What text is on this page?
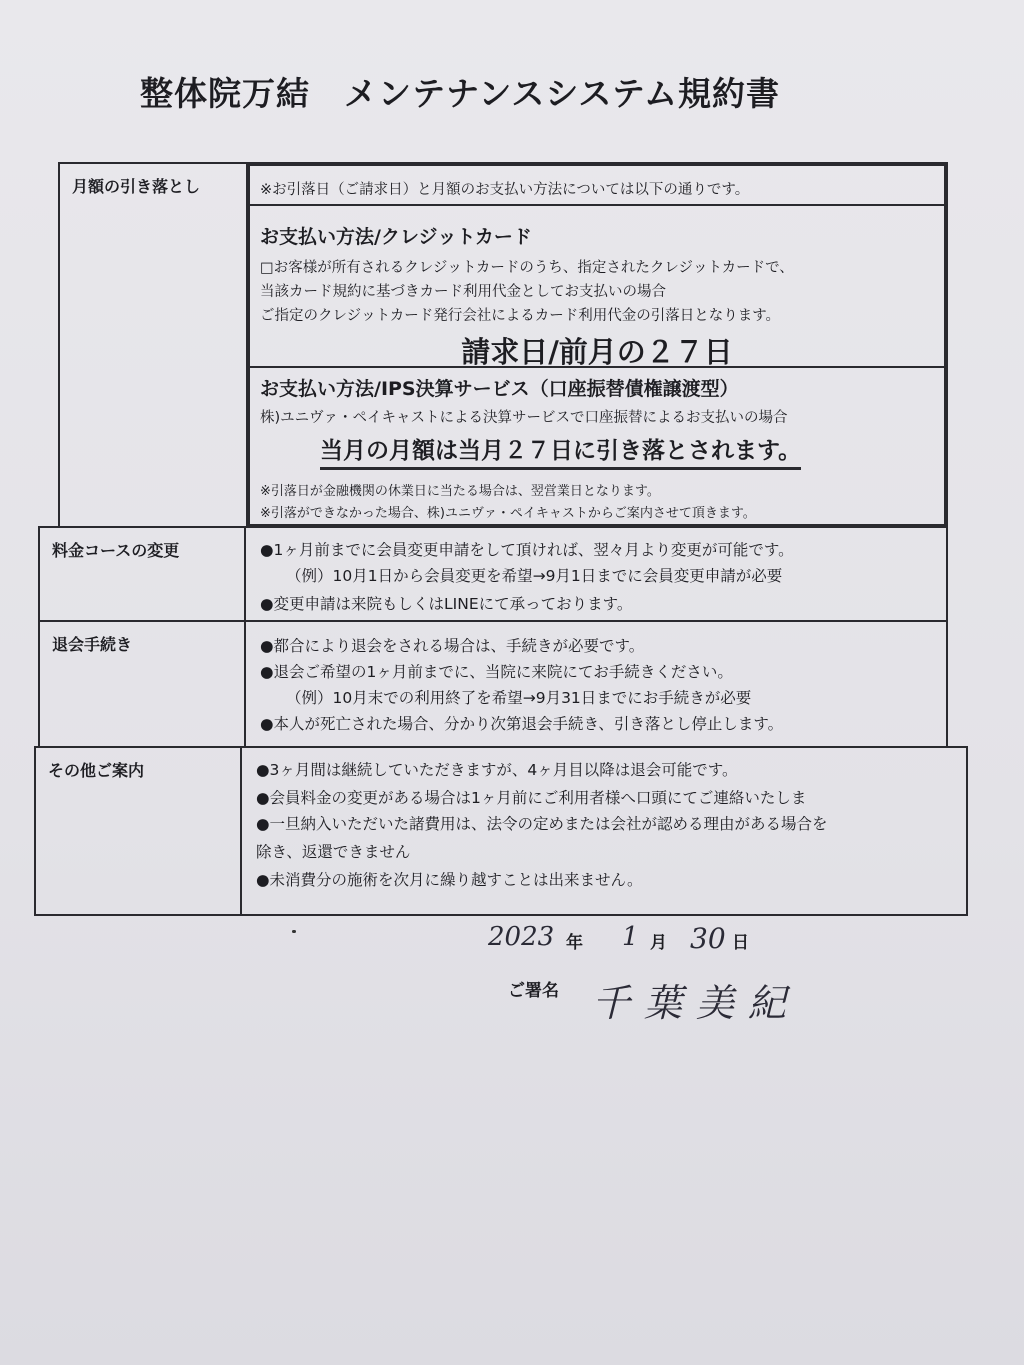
整体院万結 メンテナンスシステム規約書
月額の引き落とし	※お引落日（ご請求日）と月額のお支払い方法については以下の通りです。
お支払い方法/クレジットカード
□お客様が所有されるクレジットカードのうち、指定されたクレジットカードで、
当該カード規約に基づきカード利用代金としてお支払いの場合
ご指定のクレジットカード発行会社によるカード利用代金の引落日となります。
請求日/前月の２７日
お支払い方法/IPS決算サービス（口座振替債権譲渡型）
株)ユニヴァ・ペイキャストによる決算サービスで口座振替によるお支払いの場合
当月の月額は当月２７日に引き落とされます。
※引落日が金融機関の休業日に当たる場合は、翌営業日となります。
※引落ができなかった場合、株)ユニヴァ・ペイキャストからご案内させて頂きます。
料金コースの変更	●1ヶ月前までに会員変更申請をして頂ければ、翌々月より変更が可能です。
（例）10月1日から会員変更を希望→9月1日までに会員変更申請が必要
●変更申請は来院もしくはLINEにて承っております。
退会手続き	●都合により退会をされる場合は、手続きが必要です。
●退会ご希望の1ヶ月前までに、当院に来院にてお手続きください。
（例）10月末での利用終了を希望→9月31日までにお手続きが必要
●本人が死亡された場合、分かり次第退会手続き、引き落とし停止します。
その他ご案内	●3ヶ月間は継続していただきますが、4ヶ月目以降は退会可能です。
●会員料金の変更がある場合は1ヶ月前にご利用者様へ口頭にてご連絡いたしま
●一旦納入いただいた諸費用は、法令の定めまたは会社が認める理由がある場合を
除き、返還できません
●未消費分の施術を次月に繰り越すことは出来ません。
2023 年 1 月 30 日
ご署名 千葉美紀
